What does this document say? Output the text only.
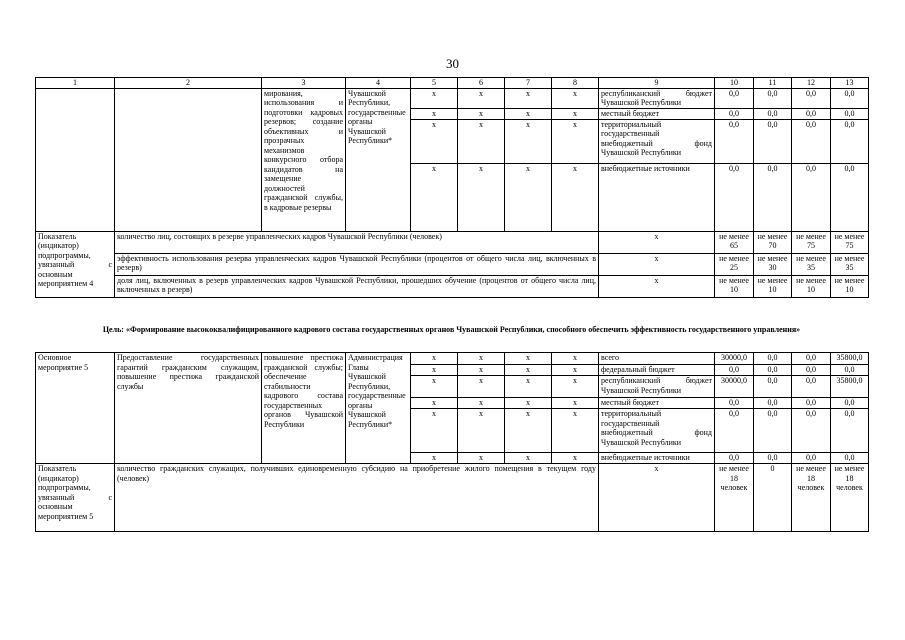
30
1	2	3	4	5	6	7	8	9	10	11	12	13
		мирования, использования и подготовки кадровых резервов; создание объективных и прозрачных механизмов конкурсного отбора кандидатов на замещение должностей гражданской службы, в кадровые резервы	Чувашской Республики, государственные органы Чувашской Республики*	x	x	x	x	республиканский бюджет Чувашской Республики	0,0	0,0	0,0	0,0
				x	x	x	x	местный бюджет	0,0	0,0	0,0	0,0
				x	x	x	x	территориальный государственный внебюджетный фонд Чувашской Республики	0,0	0,0	0,0	0,0
				x	x	x	x	внебюджетные источники	0,0	0,0	0,0	0,0
Показатель (индикатор) подпрограммы, увязанный с основным мероприятием 4	количество лиц, состоящих в резерве управленческих кадров Чувашской Республики (человек)							x	не менее 65	не менее 70	не менее 75	не менее 75
	эффективность использования резерва управленческих кадров Чувашской Республики (процентов от общего числа лиц, включенных в резерв)							x	не менее 25	не менее 30	не менее 35	не менее 35
	доля лиц, включенных в резерв управленческих кадров Чувашской Республики, прошедших обучение (процентов от общего числа лиц, включенных в резерв)							x	не менее 10	не менее 10	не менее 10	не менее 10
Цель: «Формирование высококвалифицированного кадрового состава государственных органов Чувашской Республики, способного обеспечить эффективность государственного управления»
Основное мероприятие 5	Предоставление государственных гарантий гражданским служащим, повышение престижа гражданской службы	повышение престижа гражданской службы; обеспечение стабильности кадрового состава государственных органов Чувашской Республики	Администрация Главы Чувашской Республики, государственные органы Чувашской Республики*	x	x	x	x	всего	30000,0	0,0	0,0	35800,0
				x	x	x	x	федеральный бюджет	0,0	0,0	0,0	0,0
				x	x	x	x	республиканский бюджет Чувашской Республики	30000,0	0,0	0,0	35800,0
				x	x	x	x	местный бюджет	0,0	0,0	0,0	0,0
				x	x	x	x	территориальный государственный внебюджетный фонд Чувашской Республики	0,0	0,0	0,0	0,0
				x	x	x	x	внебюджетные источники	0,0	0,0	0,0	0,0
Показатель (индикатор) подпрограммы, увязанный с основным мероприятием 5	количество гражданских служащих, получивших единовременную субсидию на приобретение жилого помещения в текущем году (человек)							x	не менее 18 человек	0	не менее 18 человек	не менее 18 человек
